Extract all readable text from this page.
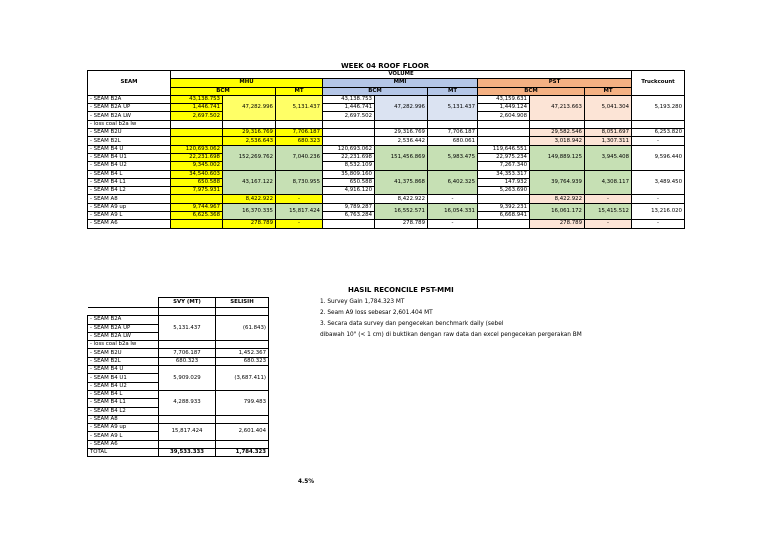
WEEK 04 ROOF FLOOR
SEAM	VOLUME									Truckcount
	MHU			MMI			PST			
	BCM		MT	BCM		MT	BCM		MT	
- SEAM B2A	43,138.753	47,282.996	5,131.437	43,138.753	47,282.996	5,131.437	43,159.631	47,213.663	5,041.304	5,193.280
- SEAM B2A UP	1,446.741			1,446.741			1,449.124			
- SEAM B2A LW	2,697.502			2,697.502			2,604.908			
- loss coal b2a lw										
- SEAM B2U		29,316.769	7,706.187		29,316.769	7,706.187		29,582.546	8,051.697	6,253.820
- SEAM B2L		2,536.643	680.323		2,536.442	680.061		3,018.942	1,307.311	-
- SEAM B4 U	120,693.062	152,269.762	7,040.236	120,693.062	151,456.869	5,983.475	119,646.551	149,889.125	3,945.408	9,596.440
- SEAM B4 U1	22,231.698			22,231.698			22,975.234			
- SEAM B4 U2	9,345.002			8,532.109			7,267.340			
- SEAM B4 L	34,540.603	43,167.122	8,730.955	35,809.160	41,375.868	6,402.325	34,353.317	39,764.939	4,308.117	3,489.450
- SEAM B4 L1	650.588			650.588			147.932			
- SEAM B4 L2	7,975.931			4,916.120			5,263.690			
- SEAM A8		8,422.922	-		8,422.922	-		8,422.922	-	-
- SEAM A9 up	9,744.967	16,370.335	15,817.424	9,789.287	16,552.571	16,054.331	9,392.231	16,061.172	15,415.512	13,216.020
- SEAM A9 L	6,625.368			6,763.284			6,668.941			
- SEAM A6		278.789	-		278.789	-		278.789	-	-
HASIL RECONCILE PST-MMI
1. Survey Gain 1,784.323 MT
2. Seam A9 loss sebesar 2,601.404 MT
3. Secara data survey dan pengecekan benchmark daily (sebel
dibawah 10" (< 1 cm) di buktikan dengan raw data dan excel pengecekan pergerakan BM
	SVY (MT)	SELISIH

- SEAM B2A	5,131.437	(61.843)
- SEAM B2A UP		
- SEAM B2A LW		
- loss coal b2a lw		
- SEAM B2U	7,706.187	1,452.367
- SEAM B2L	680.323	680.323
- SEAM B4 U	5,909.029	(3,687.411)
- SEAM B4 U1		
- SEAM B4 U2		
- SEAM B4 L	4,288.933	799.483
- SEAM B4 L1		
- SEAM B4 L2		
- SEAM A8		
- SEAM A9 up	15,817.424	2,601.404
- SEAM A9 L		
- SEAM A6		
TOTAL	39,533.333	1,784.323
4.5%
